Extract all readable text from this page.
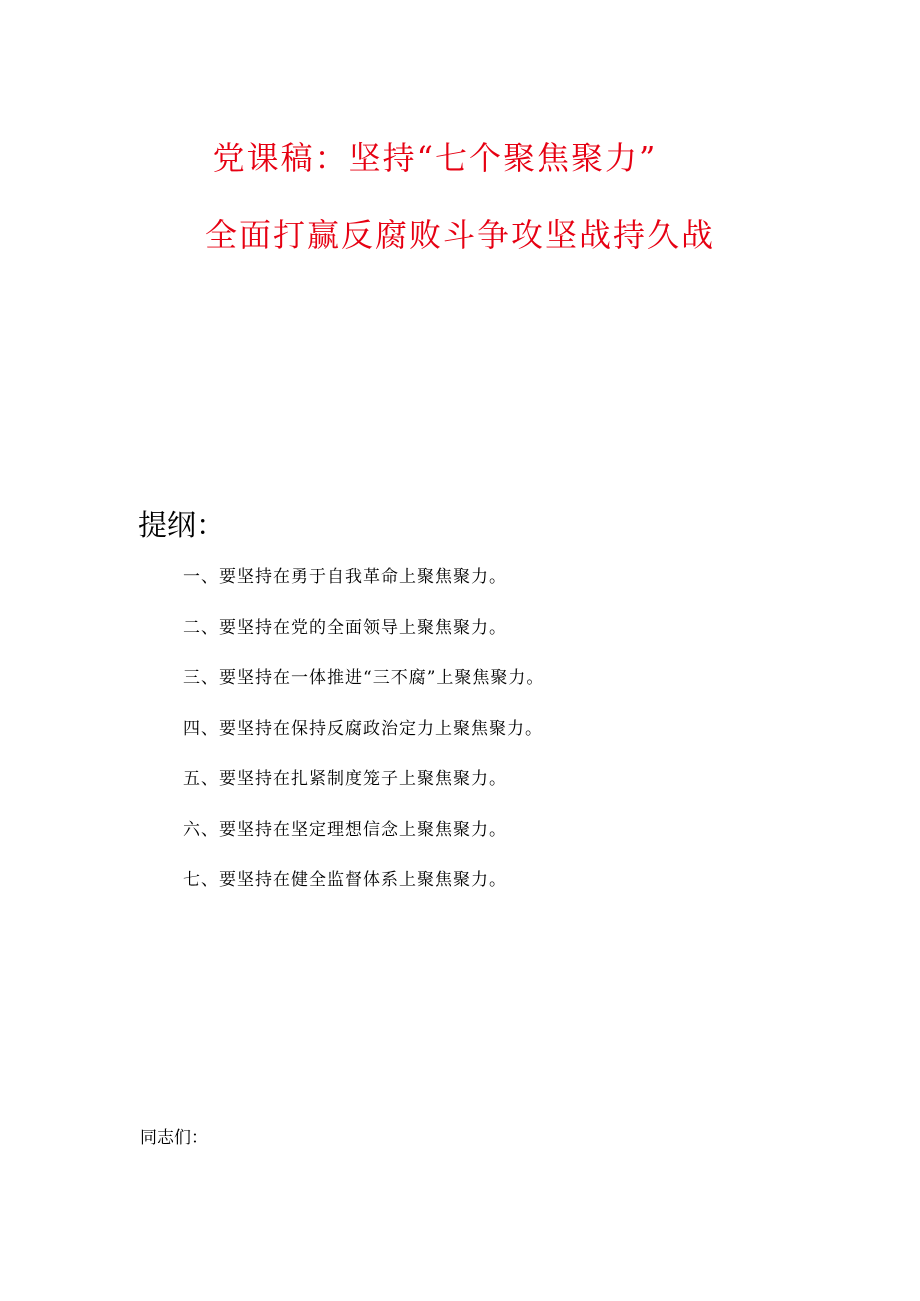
党课稿：坚持“七个聚焦聚力”
全面打赢反腐败斗争攻坚战持久战
提纲：
一、要坚持在勇于自我革命上聚焦聚力。
二、要坚持在党的全面领导上聚焦聚力。
三、要坚持在一体推进“三不腐”上聚焦聚力。
四、要坚持在保持反腐政治定力上聚焦聚力。
五、要坚持在扎紧制度笼子上聚焦聚力。
六、要坚持在坚定理想信念上聚焦聚力。
七、要坚持在健全监督体系上聚焦聚力。
同志们：
